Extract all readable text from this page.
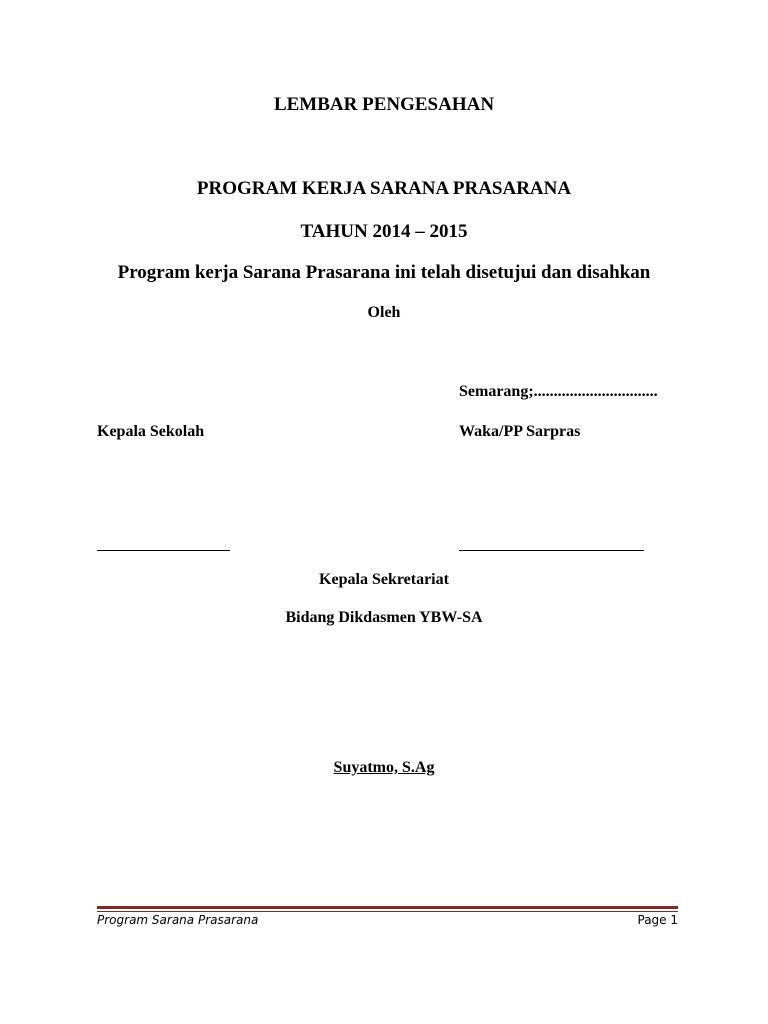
LEMBAR PENGESAHAN
PROGRAM KERJA SARANA PRASARANA
TAHUN 2014 – 2015
Program kerja Sarana Prasarana ini telah disetujui dan disahkan
Oleh
Semarang;...............................
Kepala Sekolah	Waka/PP Sarpras
Kepala Sekretariat
Bidang Dikdasmen YBW-SA
Suyatmo, S.Ag
Program Sarana Prasarana	Page 1
